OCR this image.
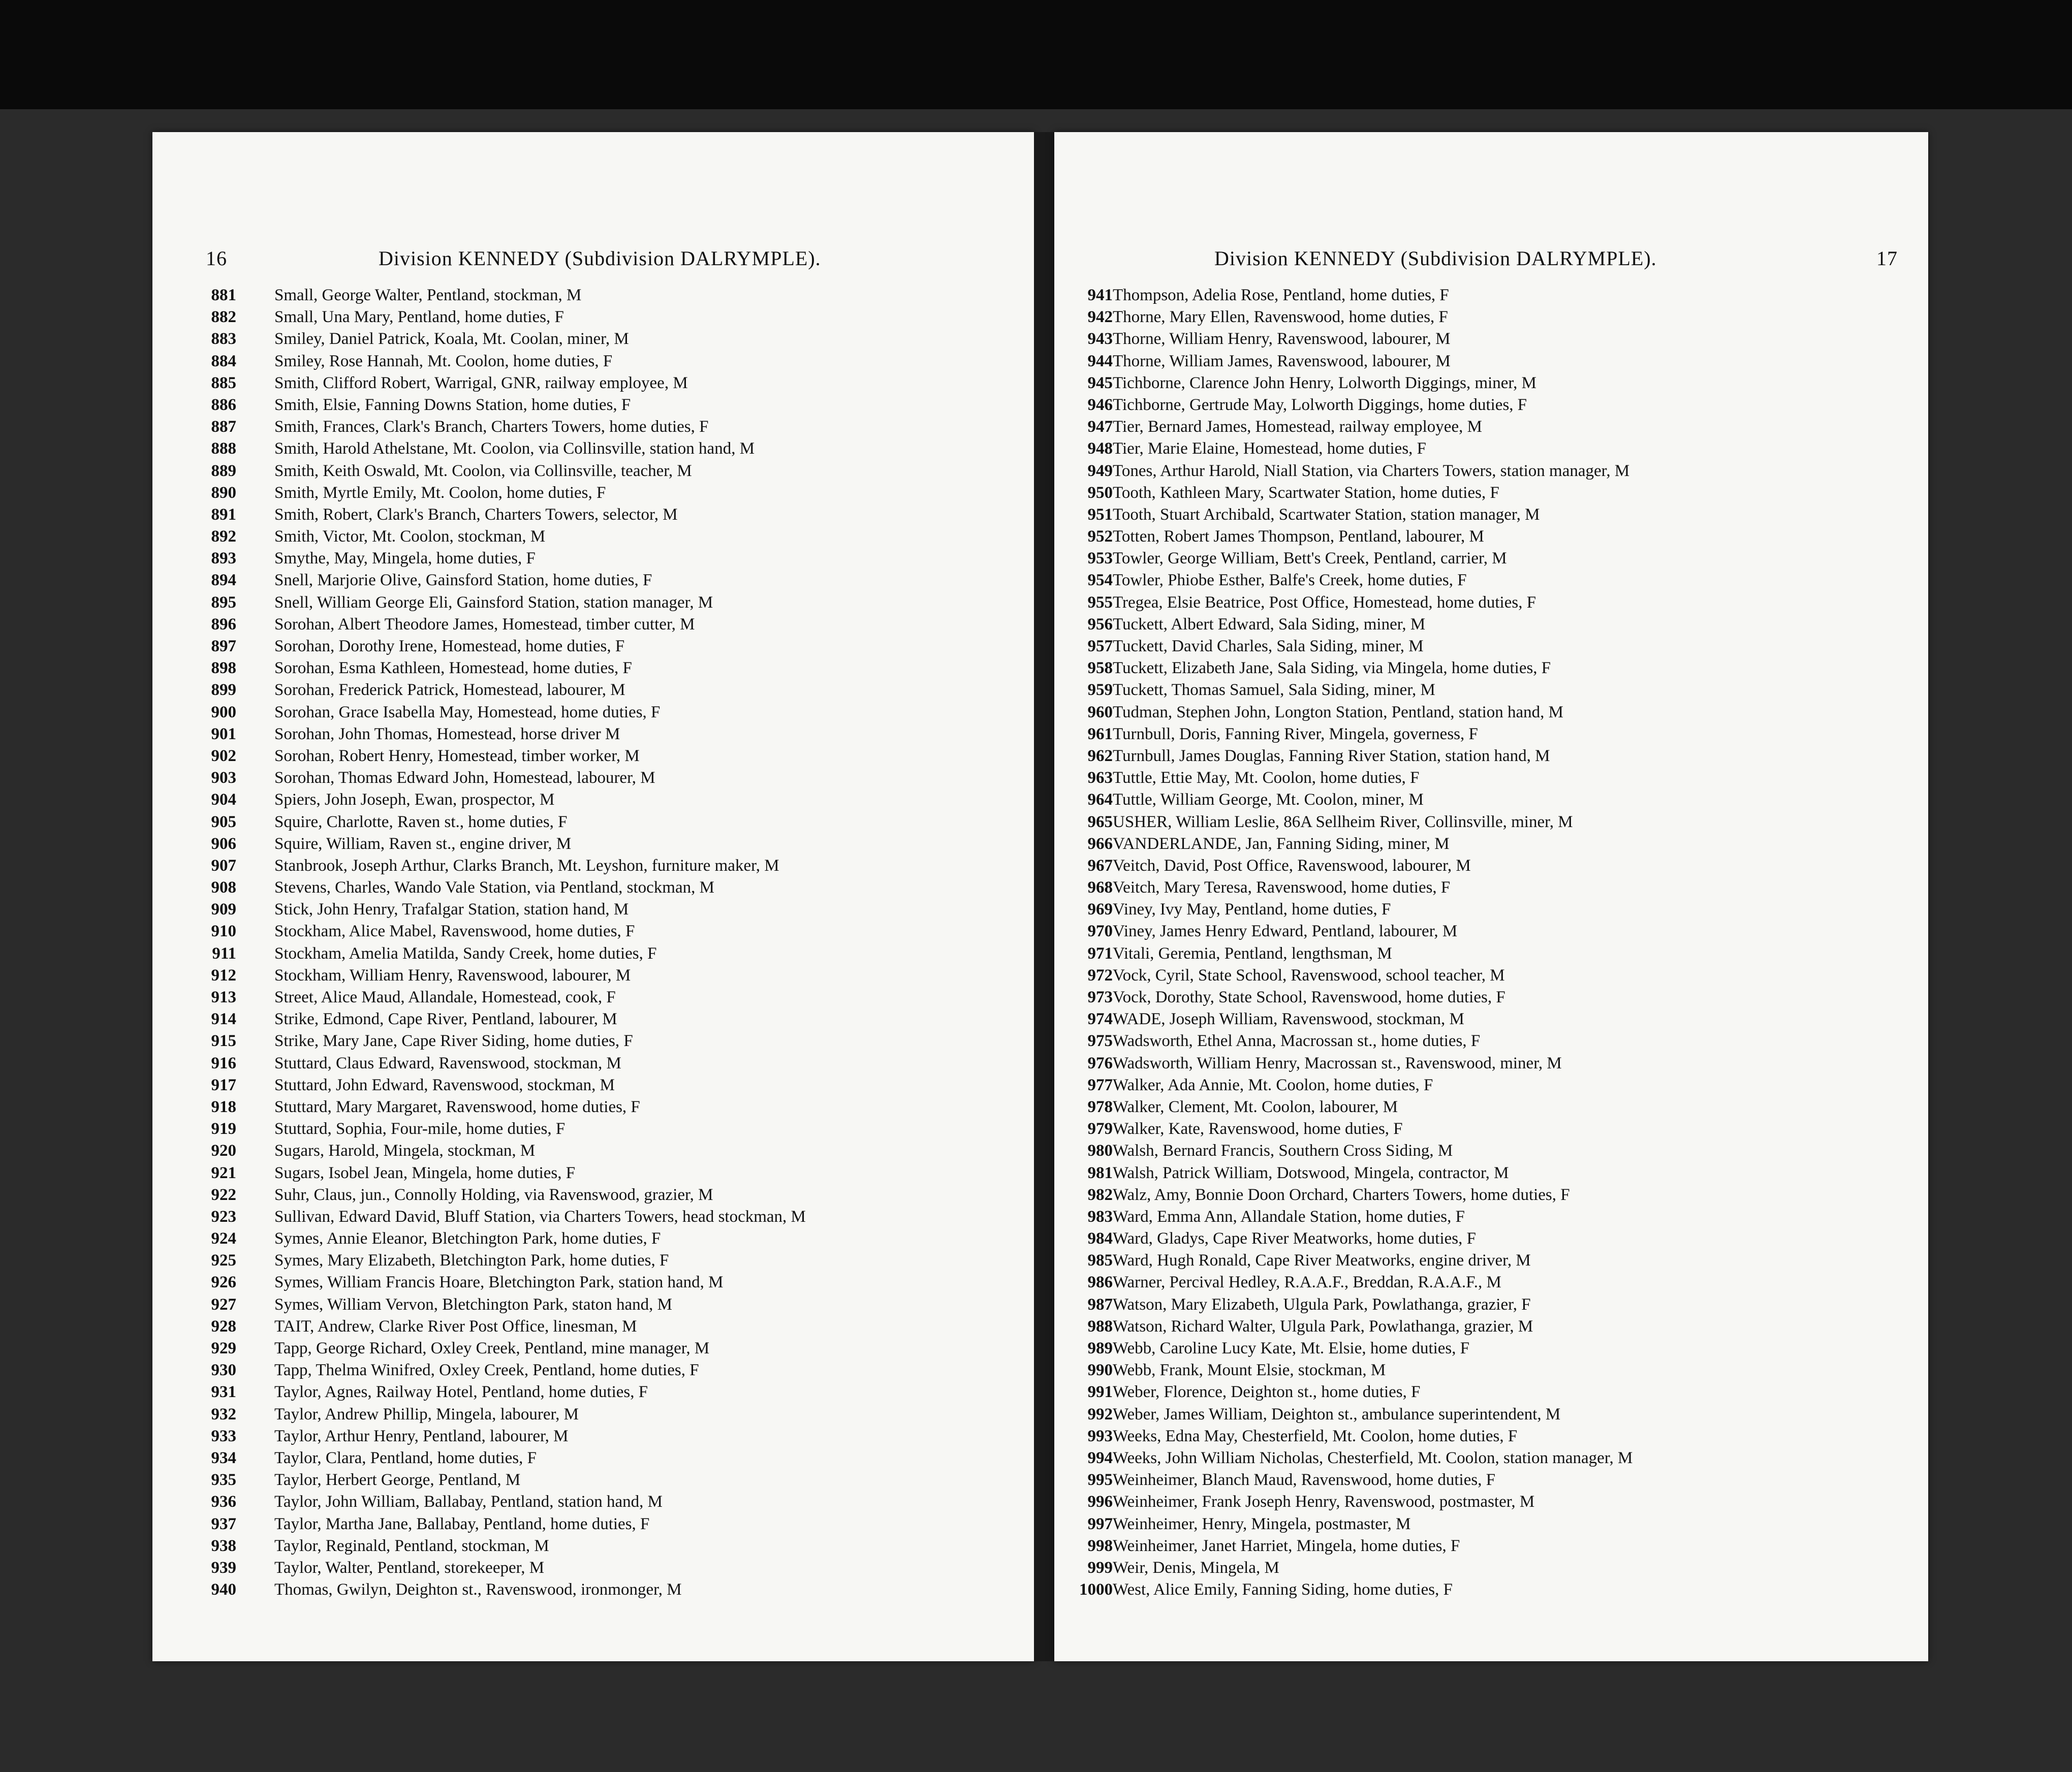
16	Division KENNEDY (Subdivision DALRYMPLE).
881 Small, George Walter, Pentland, stockman, M
882 Small, Una Mary, Pentland, home duties, F
883 Smiley, Daniel Patrick, Koala, Mt. Coolan, miner, M
884 Smiley, Rose Hannah, Mt. Coolon, home duties, F
885 Smith, Clifford Robert, Warrigal, GNR, railway employee, M
886 Smith, Elsie, Fanning Downs Station, home duties, F
887 Smith, Frances, Clark's Branch, Charters Towers, home duties, F
888 Smith, Harold Athelstane, Mt. Coolon, via Collinsville, station hand, M
889 Smith, Keith Oswald, Mt. Coolon, via Collinsville, teacher, M
890 Smith, Myrtle Emily, Mt. Coolon, home duties, F
891 Smith, Robert, Clark's Branch, Charters Towers, selector, M
892 Smith, Victor, Mt. Coolon, stockman, M
893 Smythe, May, Mingela, home duties, F
894 Snell, Marjorie Olive, Gainsford Station, home duties, F
895 Snell, William George Eli, Gainsford Station, station manager, M
896 Sorohan, Albert Theodore James, Homestead, timber cutter, M
897 Sorohan, Dorothy Irene, Homestead, home duties, F
898 Sorohan, Esma Kathleen, Homestead, home duties, F
899 Sorohan, Frederick Patrick, Homestead, labourer, M
900 Sorohan, Grace Isabella May, Homestead, home duties, F
901 Sorohan, John Thomas, Homestead, horse driver M
902 Sorohan, Robert Henry, Homestead, timber worker, M
903 Sorohan, Thomas Edward John, Homestead, labourer, M
904 Spiers, John Joseph, Ewan, prospector, M
905 Squire, Charlotte, Raven st., home duties, F
906 Squire, William, Raven st., engine driver, M
907 Stanbrook, Joseph Arthur, Clarks Branch, Mt. Leyshon, furniture maker, M
908 Stevens, Charles, Wando Vale Station, via Pentland, stockman, M
909 Stick, John Henry, Trafalgar Station, station hand, M
910 Stockham, Alice Mabel, Ravenswood, home duties, F
911 Stockham, Amelia Matilda, Sandy Creek, home duties, F
912 Stockham, William Henry, Ravenswood, labourer, M
913 Street, Alice Maud, Allandale, Homestead, cook, F
914 Strike, Edmond, Cape River, Pentland, labourer, M
915 Strike, Mary Jane, Cape River Siding, home duties, F
916 Stuttard, Claus Edward, Ravenswood, stockman, M
917 Stuttard, John Edward, Ravenswood, stockman, M
918 Stuttard, Mary Margaret, Ravenswood, home duties, F
919 Stuttard, Sophia, Four-mile, home duties, F
920 Sugars, Harold, Mingela, stockman, M
921 Sugars, Isobel Jean, Mingela, home duties, F
922 Suhr, Claus, jun., Connolly Holding, via Ravenswood, grazier, M
923 Sullivan, Edward David, Bluff Station, via Charters Towers, head stockman, M
924 Symes, Annie Eleanor, Bletchington Park, home duties, F
925 Symes, Mary Elizabeth, Bletchington Park, home duties, F
926 Symes, William Francis Hoare, Bletchington Park, station hand, M
927 Symes, William Vervon, Bletchington Park, staton hand, M
928 TAIT, Andrew, Clarke River Post Office, linesman, M
929 Tapp, George Richard, Oxley Creek, Pentland, mine manager, M
930 Tapp, Thelma Winifred, Oxley Creek, Pentland, home duties, F
931 Taylor, Agnes, Railway Hotel, Pentland, home duties, F
932 Taylor, Andrew Phillip, Mingela, labourer, M
933 Taylor, Arthur Henry, Pentland, labourer, M
934 Taylor, Clara, Pentland, home duties, F
935 Taylor, Herbert George, Pentland, M
936 Taylor, John William, Ballabay, Pentland, station hand, M
937 Taylor, Martha Jane, Ballabay, Pentland, home duties, F
938 Taylor, Reginald, Pentland, stockman, M
939 Taylor, Walter, Pentland, storekeeper, M
940 Thomas, Gwilyn, Deighton st., Ravenswood, ironmonger, M
Division KENNEDY (Subdivision DALRYMPLE).	17
941 Thompson, Adelia Rose, Pentland, home duties, F
942 Thorne, Mary Ellen, Ravenswood, home duties, F
943 Thorne, William Henry, Ravenswood, labourer, M
944 Thorne, William James, Ravenswood, labourer, M
945 Tichborne, Clarence John Henry, Lolworth Diggings, miner, M
946 Tichborne, Gertrude May, Lolworth Diggings, home duties, F
947 Tier, Bernard James, Homestead, railway employee, M
948 Tier, Marie Elaine, Homestead, home duties, F
949 Tones, Arthur Harold, Niall Station, via Charters Towers, station manager, M
950 Tooth, Kathleen Mary, Scartwater Station, home duties, F
951 Tooth, Stuart Archibald, Scartwater Station, station manager, M
952 Totten, Robert James Thompson, Pentland, labourer, M
953 Towler, George William, Bett's Creek, Pentland, carrier, M
954 Towler, Phiobe Esther, Balfe's Creek, home duties, F
955 Tregea, Elsie Beatrice, Post Office, Homestead, home duties, F
956 Tuckett, Albert Edward, Sala Siding, miner, M
957 Tuckett, David Charles, Sala Siding, miner, M
958 Tuckett, Elizabeth Jane, Sala Siding, via Mingela, home duties, F
959 Tuckett, Thomas Samuel, Sala Siding, miner, M
960 Tudman, Stephen John, Longton Station, Pentland, station hand, M
961 Turnbull, Doris, Fanning River, Mingela, governess, F
962 Turnbull, James Douglas, Fanning River Station, station hand, M
963 Tuttle, Ettie May, Mt. Coolon, home duties, F
964 Tuttle, William George, Mt. Coolon, miner, M
965 USHER, William Leslie, 86A Sellheim River, Collinsville, miner, M
966 VANDERLANDE, Jan, Fanning Siding, miner, M
967 Veitch, David, Post Office, Ravenswood, labourer, M
968 Veitch, Mary Teresa, Ravenswood, home duties, F
969 Viney, Ivy May, Pentland, home duties, F
970 Viney, James Henry Edward, Pentland, labourer, M
971 Vitali, Geremia, Pentland, lengthsman, M
972 Vock, Cyril, State School, Ravenswood, school teacher, M
973 Vock, Dorothy, State School, Ravenswood, home duties, F
974 WADE, Joseph William, Ravenswood, stockman, M
975 Wadsworth, Ethel Anna, Macrossan st., home duties, F
976 Wadsworth, William Henry, Macrossan st., Ravenswood, miner, M
977 Walker, Ada Annie, Mt. Coolon, home duties, F
978 Walker, Clement, Mt. Coolon, labourer, M
979 Walker, Kate, Ravenswood, home duties, F
980 Walsh, Bernard Francis, Southern Cross Siding, M
981 Walsh, Patrick William, Dotswood, Mingela, contractor, M
982 Walz, Amy, Bonnie Doon Orchard, Charters Towers, home duties, F
983 Ward, Emma Ann, Allandale Station, home duties, F
984 Ward, Gladys, Cape River Meatworks, home duties, F
985 Ward, Hugh Ronald, Cape River Meatworks, engine driver, M
986 Warner, Percival Hedley, R.A.A.F., Breddan, R.A.A.F., M
987 Watson, Mary Elizabeth, Ulgula Park, Powlathanga, grazier, F
988 Watson, Richard Walter, Ulgula Park, Powlathanga, grazier, M
989 Webb, Caroline Lucy Kate, Mt. Elsie, home duties, F
990 Webb, Frank, Mount Elsie, stockman, M
991 Weber, Florence, Deighton st., home duties, F
992 Weber, James William, Deighton st., ambulance superintendent, M
993 Weeks, Edna May, Chesterfield, Mt. Coolon, home duties, F
994 Weeks, John William Nicholas, Chesterfield, Mt. Coolon, station manager, M
995 Weinheimer, Blanch Maud, Ravenswood, home duties, F
996 Weinheimer, Frank Joseph Henry, Ravenswood, postmaster, M
997 Weinheimer, Henry, Mingela, postmaster, M
998 Weinheimer, Janet Harriet, Mingela, home duties, F
999 Weir, Denis, Mingela, M
1000 West, Alice Emily, Fanning Siding, home duties, F
